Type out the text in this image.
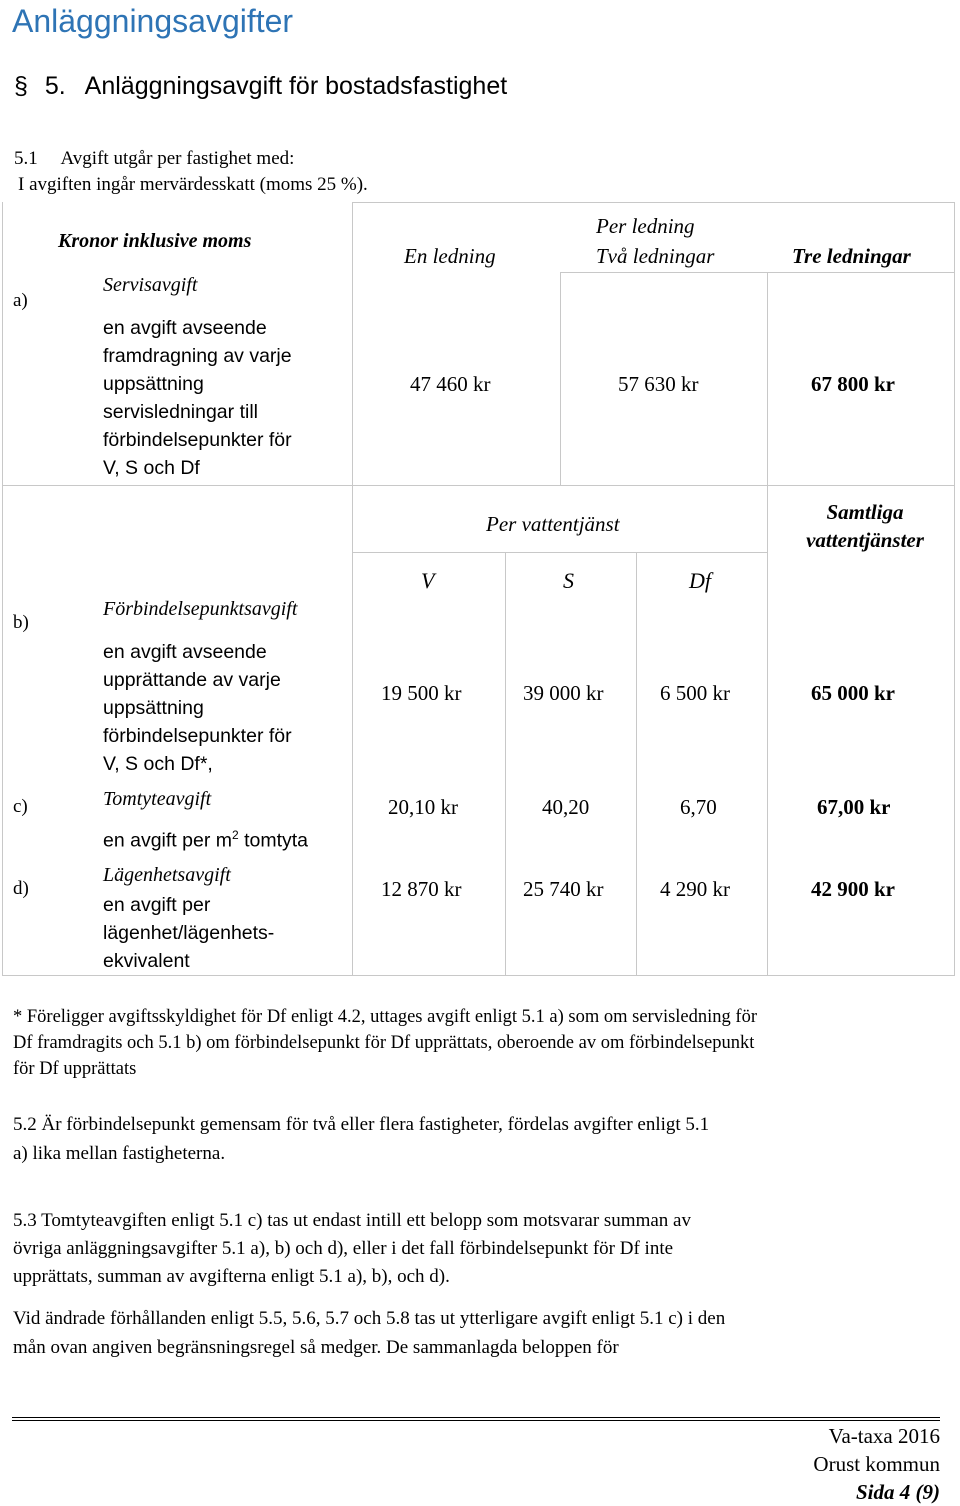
Anläggningsavgifter
§ 5. Anläggningsavgift för bostadsfastighet
5.1 Avgift utgår per fastighet med:
I avgiften ingår mervärdesskatt (moms 25 %).
Kronor inklusive moms
Per ledning
En ledning	Två ledningar	Tre ledningar
a)
Servisavgift
en avgift avseende
framdragning av varje
uppsättning
servisledningar till
förbindelsepunkter för
V, S och Df
47 460 kr	57 630 kr	67 800 kr
Per vattentjänst	Samtliga
vattentjänster
V	S	Df
b)
Förbindelsepunktsavgift
en avgift avseende
upprättande av varje
uppsättning
förbindelsepunkter för
V, S och Df*,
19 500 kr	39 000 kr	6 500 kr	65 000 kr
c)	Tomtyteavgift
en avgift per $m^2$ tomtyta
20,10 kr	40,20	6,70	67,00 kr
d)
Lägenhetsavgift
en avgift per
lägenhet/lägenhets-
ekvivalent
12 870 kr	25 740 kr	4 290 kr	42 900 kr
* Föreligger avgiftsskyldighet för Df enligt 4.2, uttages avgift enligt 5.1 a) som om servisledning för
Df framdragits och 5.1 b) om förbindelsepunkt för Df upprättats, oberoende av om förbindelsepunkt
för Df upprättats
5.2 Är förbindelsepunkt gemensam för två eller flera fastigheter, fördelas avgifter enligt 5.1
a) lika mellan fastigheterna.
5.3 Tomtyteavgiften enligt 5.1 c) tas ut endast intill ett belopp som motsvarar summan av
övriga anläggningsavgifter 5.1 a), b) och d), eller i det fall förbindelsepunkt för Df inte
upprättats, summan av avgifterna enligt 5.1 a), b), och d).
Vid ändrade förhållanden enligt 5.5, 5.6, 5.7 och 5.8 tas ut ytterligare avgift enligt 5.1 c) i den
mån ovan angiven begränsningsregel så medger. De sammanlagda beloppen för
Va-taxa 2016
Orust kommun
Sida 4 (9)
